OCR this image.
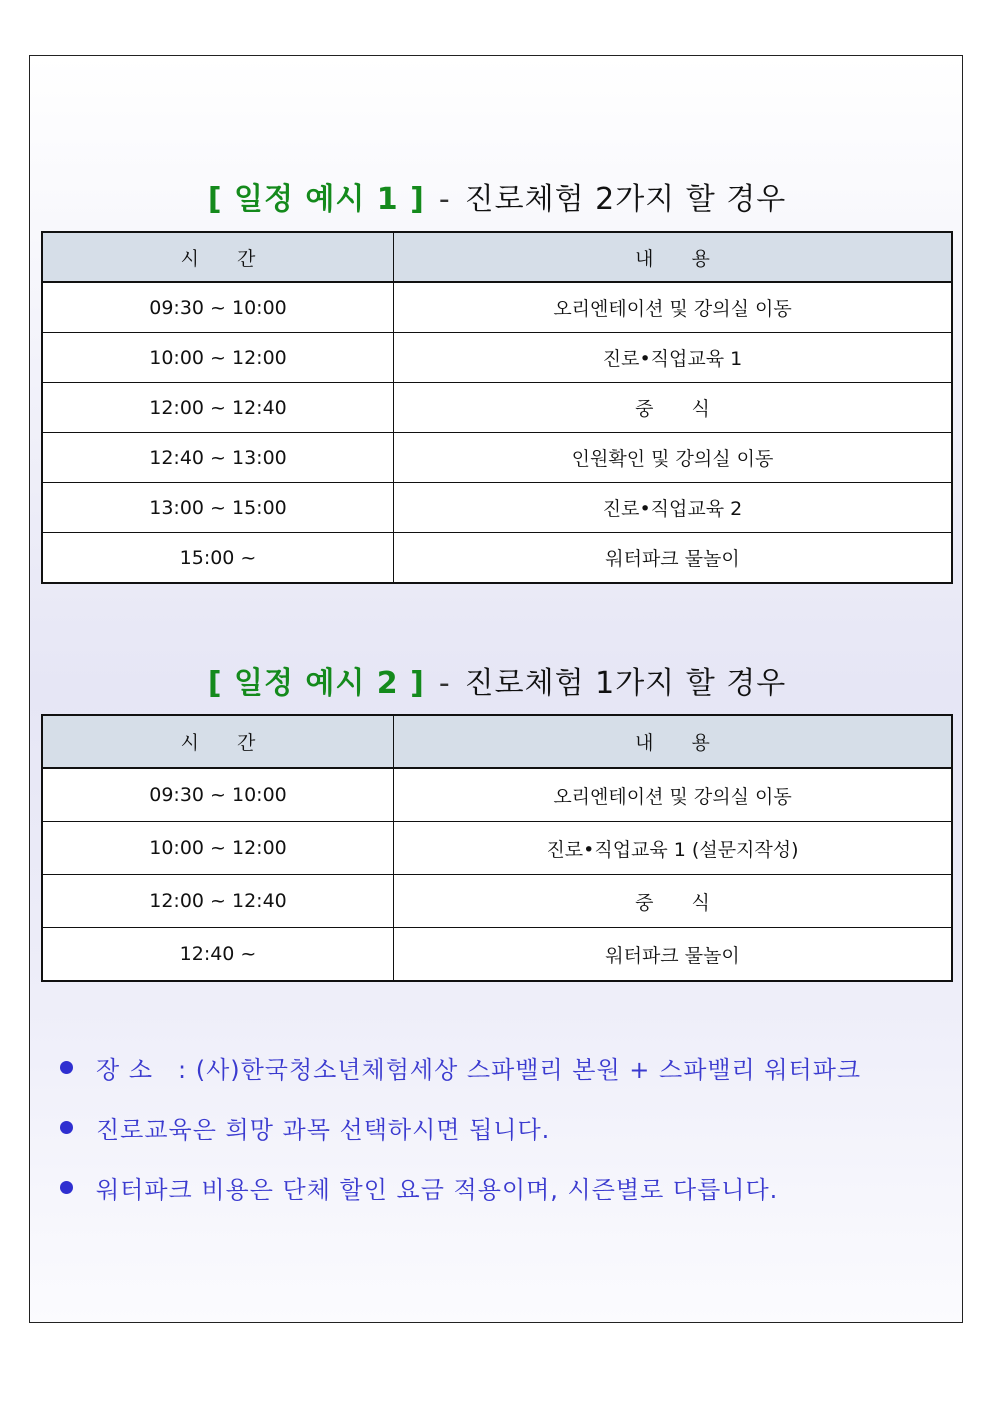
[ 일정 예시 1 ] - 진로체험 2가지 할 경우
시　　간	내　　용
09:30 ~ 10:00	오리엔테이션 및 강의실 이동
10:00 ~ 12:00	진로•직업교육 1
12:00 ~ 12:40	중　　식
12:40 ~ 13:00	인원확인 및 강의실 이동
13:00 ~ 15:00	진로•직업교육 2
15:00 ~	워터파크 물놀이
[ 일정 예시 2 ] - 진로체험 1가지 할 경우
시　　간	내　　용
09:30 ~ 10:00	오리엔테이션 및 강의실 이동
10:00 ~ 12:00	진로•직업교육 1 (설문지작성)
12:00 ~ 12:40	중　　식
12:40 ~	워터파크 물놀이
장 소　: (사)한국청소년체험세상 스파밸리 본원 + 스파밸리 워터파크
진로교육은 희망 과목 선택하시면 됩니다.
워터파크 비용은 단체 할인 요금 적용이며, 시즌별로 다릅니다.
